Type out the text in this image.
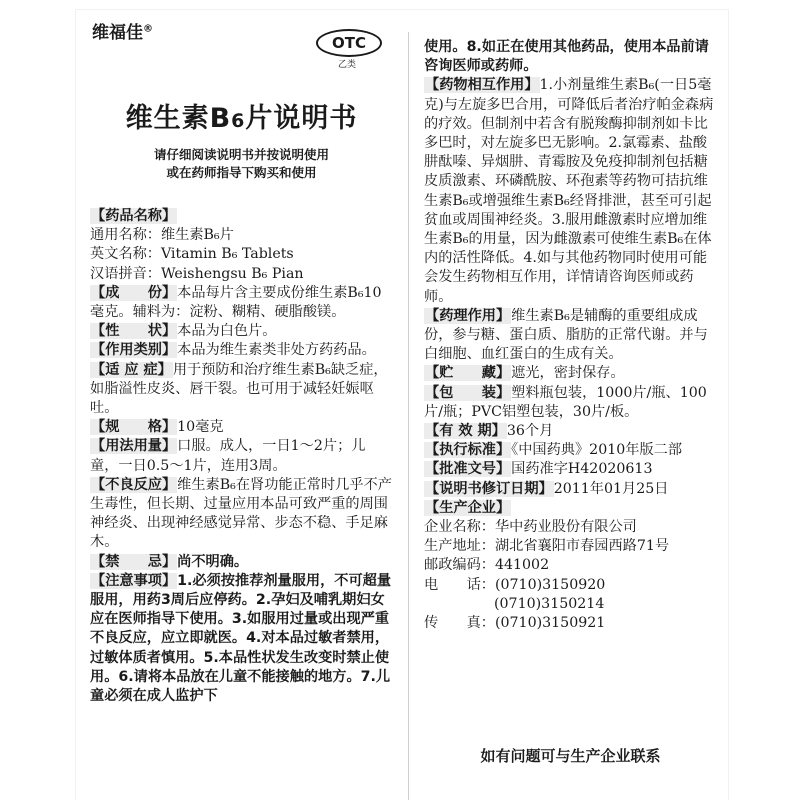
维福佳®
OTC
乙类
维生素B6片说明书
请仔细阅读说明书并按说明使用
或在药师指导下购买和使用
【药品名称】
通用名称：维生素B₆片
英文名称：Vitamin B₆ Tablets
汉语拼音：Weishengsu B₆ Pian
【成　　份】本品每片含主要成份维生素B₆10毫克。辅料为：淀粉、糊精、硬脂酸镁。
【性　　状】本品为白色片。
【作用类别】本品为维生素类非处方药药品。
【适 应 症】用于预防和治疗维生素B₆缺乏症，如脂溢性皮炎、唇干裂。也可用于减轻妊娠呕吐。
【规　　格】10毫克
【用法用量】口服。成人，一日1～2片；儿童，一日0.5～1片，连用3周。
【不良反应】维生素B₆在肾功能正常时几乎不产生毒性，但长期、过量应用本品可致严重的周围神经炎、出现神经感觉异常、步态不稳、手足麻木。
【禁　　忌】尚不明确。
【注意事项】1.必须按推荐剂量服用，不可超量服用，用药3周后应停药。2.孕妇及哺乳期妇女应在医师指导下使用。3.如服用过量或出现严重不良反应，应立即就医。4.对本品过敏者禁用，过敏体质者慎用。5.本品性状发生改变时禁止使用。6.请将本品放在儿童不能接触的地方。7.儿童必须在成人监护下
使用。8.如正在使用其他药品，使用本品前请咨询医师或药师。
【药物相互作用】1.小剂量维生素B₆(一日5毫克)与左旋多巴合用，可降低后者治疗帕金森病的疗效。但制剂中若含有脱羧酶抑制剂如卡比多巴时，对左旋多巴无影响。2.氯霉素、盐酸肼酞嗪、异烟肼、青霉胺及免疫抑制剂包括糖皮质激素、环磷酰胺、环孢素等药物可拮抗维生素B₆或增强维生素B₆经肾排泄，甚至可引起贫血或周围神经炎。3.服用雌激素时应增加维生素B₆的用量，因为雌激素可使维生素B₆在体内的活性降低。4.如与其他药物同时使用可能会发生药物相互作用，详情请咨询医师或药师。
【药理作用】维生素B₆是辅酶的重要组成成份，参与糖、蛋白质、脂肪的正常代谢。并与白细胞、血红蛋白的生成有关。
【贮　　藏】遮光，密封保存。
【包　　装】塑料瓶包装，1000片/瓶、100片/瓶；PVC铝塑包装，30片/板。
【有 效 期】36个月
【执行标准】《中国药典》2010年版二部
【批准文号】国药准字H42020613
【说明书修订日期】2011年01月25日
【生产企业】
企业名称：华中药业股份有限公司
生产地址：湖北省襄阳市春园西路71号
邮政编码：441002
电　　话：(0710)3150920
(0710)3150214
传　　真：(0710)3150921
如有问题可与生产企业联系
